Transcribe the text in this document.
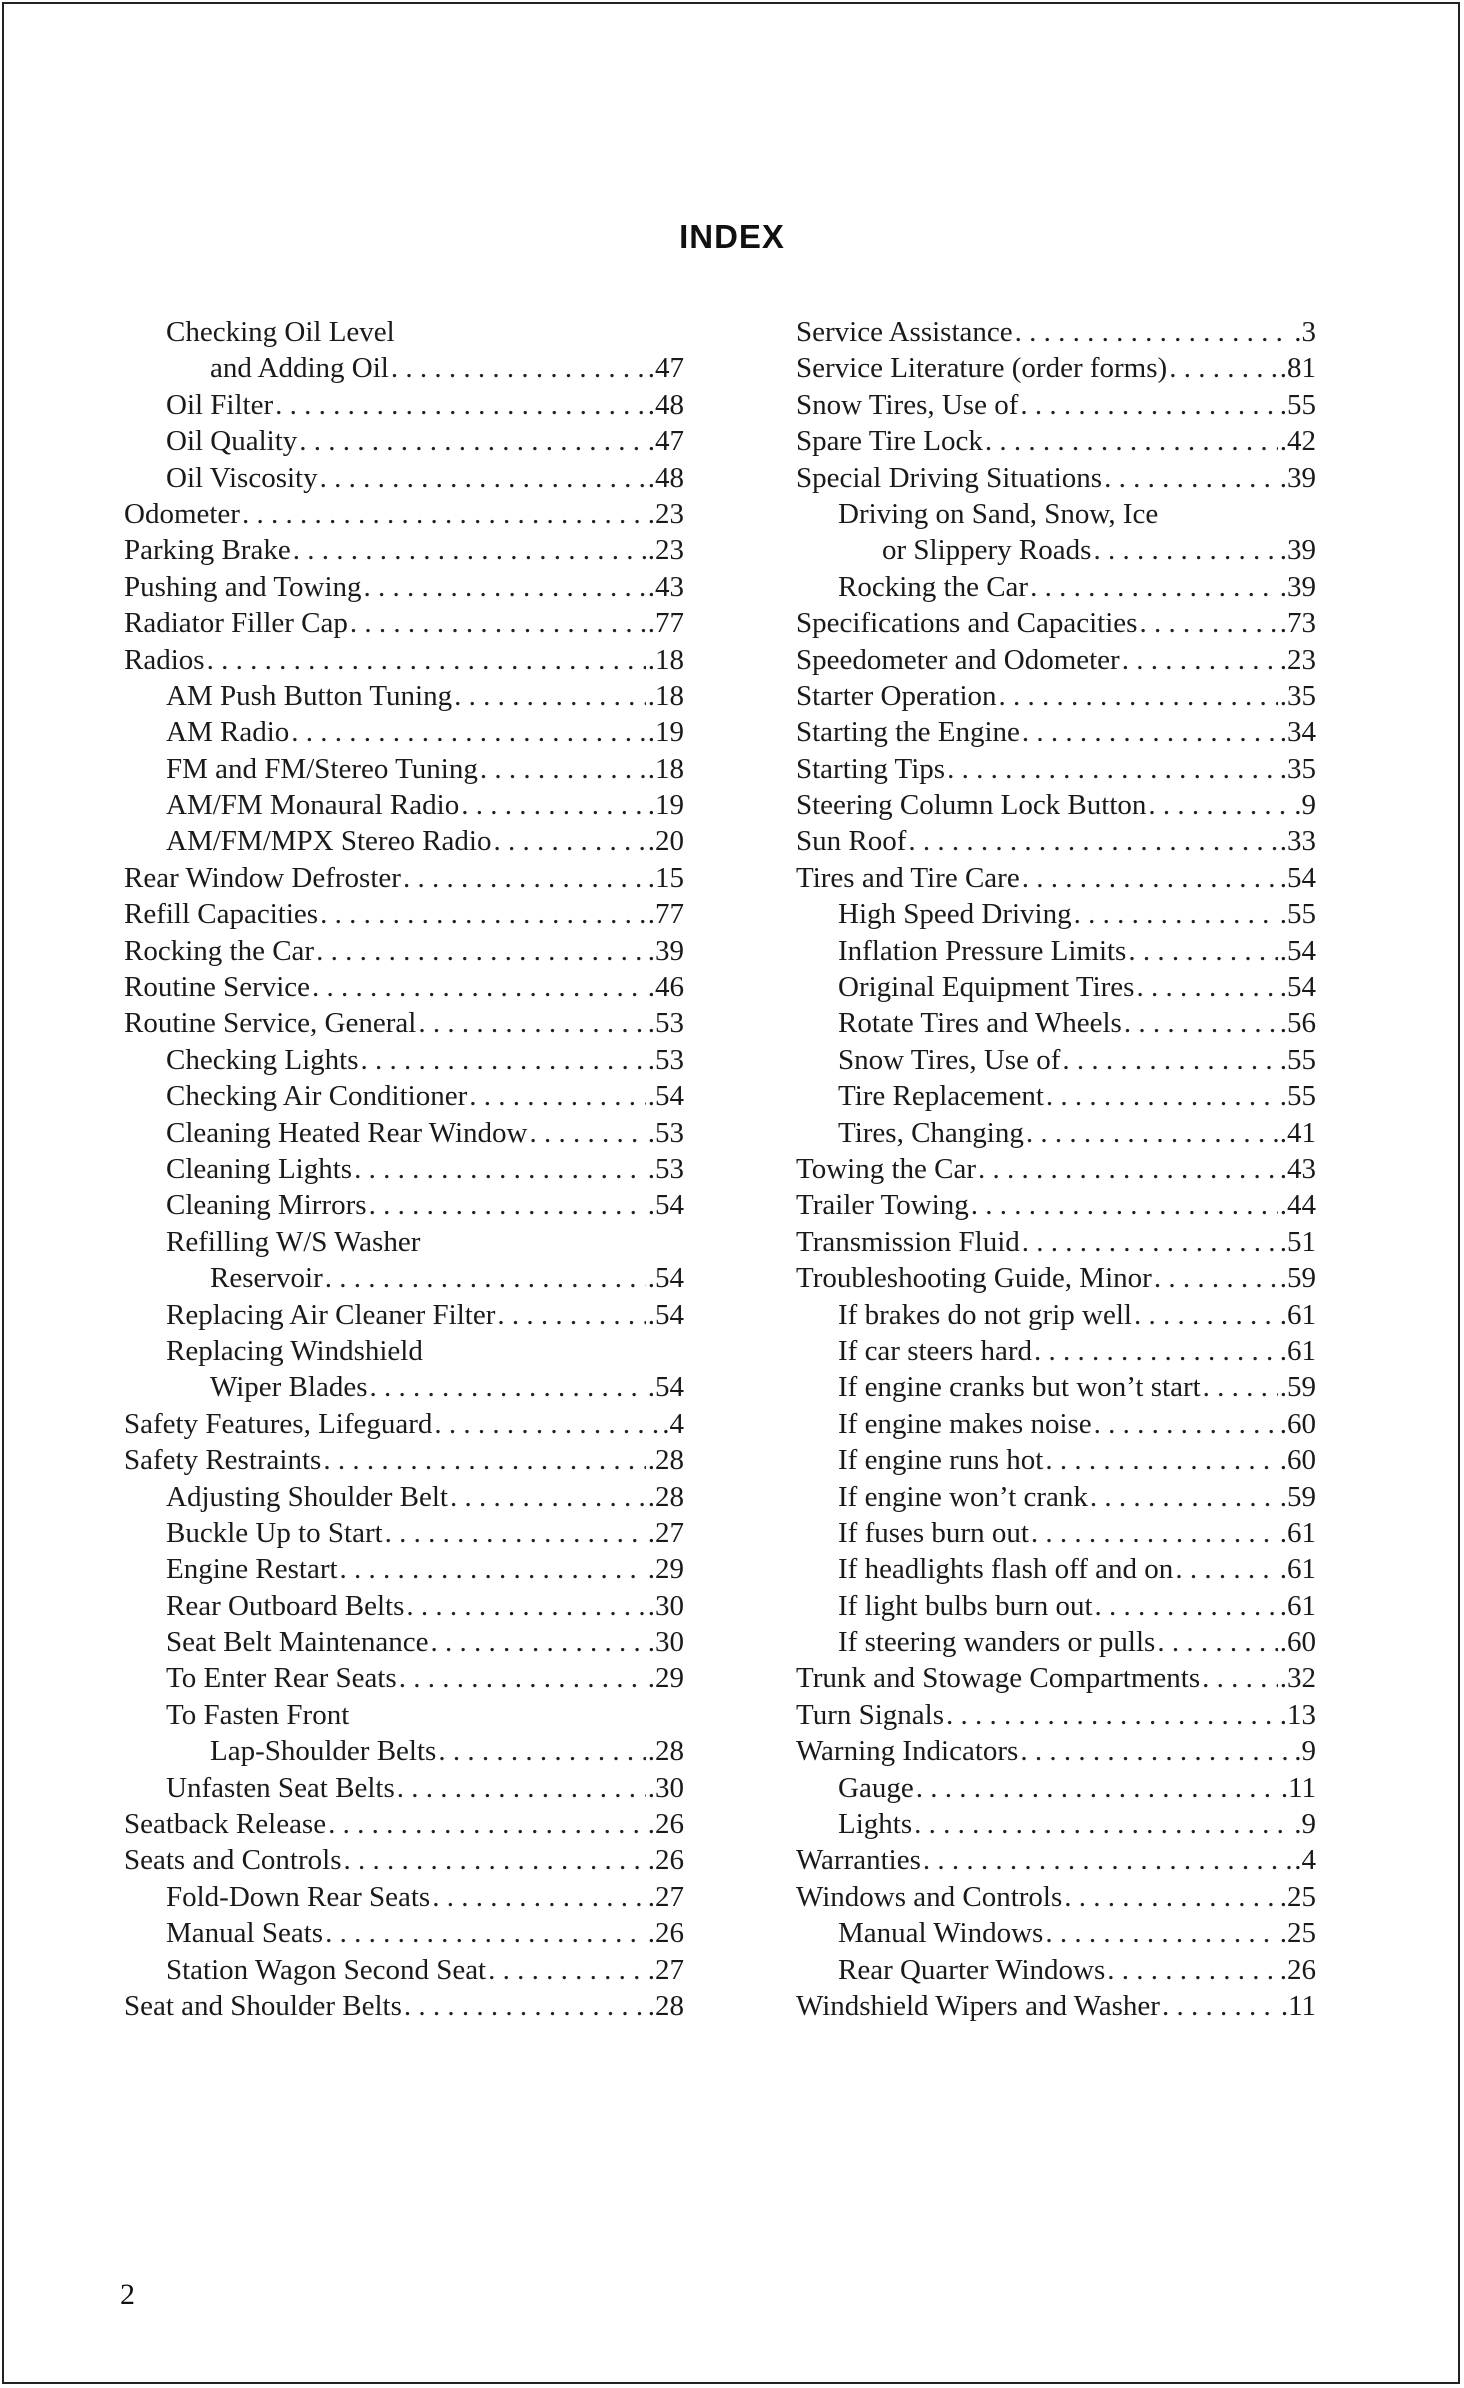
INDEX
Checking Oil Level
and Adding Oil . . .	.47
Oil Filter . . .	.48
Oil Quality . . .	.47
Oil Viscosity . . .	.48
Odometer . . .	.23
Parking Brake . . .	.23
Pushing and Towing . . .	.43
Radiator Filler Cap . . .	.77
Radios . . .	.18
AM Push Button Tuning . . .	.18
AM Radio . . .	.19
FM and FM/Stereo Tuning . . .	.18
AM/FM Monaural Radio . . .	.19
AM/FM/MPX Stereo Radio . . .	.20
Rear Window Defroster . . .	.15
Refill Capacities . . .	.77
Rocking the Car . . .	.39
Routine Service . . .	.46
Routine Service, General . . .	.53
Checking Lights . . .	.53
Checking Air Conditioner . . .	.54
Cleaning Heated Rear Window . . .	.53
Cleaning Lights . . .	.53
Cleaning Mirrors . . .	.54
Refilling W/S Washer
Reservoir . . .	.54
Replacing Air Cleaner Filter . . .	.54
Replacing Windshield
Wiper Blades . . .	.54
Safety Features, Lifeguard . . .	.4
Safety Restraints . . .	.28
Adjusting Shoulder Belt . . .	.28
Buckle Up to Start . . .	.27
Engine Restart . . .	.29
Rear Outboard Belts . . .	.30
Seat Belt Maintenance . . .	.30
To Enter Rear Seats . . .	.29
To Fasten Front
Lap-Shoulder Belts . . .	.28
Unfasten Seat Belts . . .	.30
Seatback Release . . .	.26
Seats and Controls . . .	.26
Fold-Down Rear Seats . . .	.27
Manual Seats . . .	.26
Station Wagon Second Seat . . .	.27
Seat and Shoulder Belts . . .	.28
Service Assistance . . .	.3
Service Literature (order forms) . . .	.81
Snow Tires, Use of . . .	.55
Spare Tire Lock . . .	.42
Special Driving Situations . . .	.39
Driving on Sand, Snow, Ice
or Slippery Roads . . .	.39
Rocking the Car . . .	.39
Specifications and Capacities . . .	.73
Speedometer and Odometer . . .	.23
Starter Operation . . .	.35
Starting the Engine . . .	.34
Starting Tips . . .	.35
Steering Column Lock Button . . .	.9
Sun Roof . . .	.33
Tires and Tire Care . . .	.54
High Speed Driving . . .	.55
Inflation Pressure Limits . . .	.54
Original Equipment Tires . . .	.54
Rotate Tires and Wheels . . .	.56
Snow Tires, Use of . . .	.55
Tire Replacement . . .	.55
Tires, Changing . . .	.41
Towing the Car . . .	.43
Trailer Towing . . .	.44
Transmission Fluid . . .	.51
Troubleshooting Guide, Minor . . .	.59
If brakes do not grip well . . .	.61
If car steers hard . . .	.61
If engine cranks but won’t start . . .	.59
If engine makes noise . . .	.60
If engine runs hot . . .	.60
If engine won’t crank . . .	.59
If fuses burn out . . .	.61
If headlights flash off and on . . .	.61
If light bulbs burn out . . .	.61
If steering wanders or pulls . . .	.60
Trunk and Stowage Compartments . . .	.32
Turn Signals . . .	.13
Warning Indicators . . .	.9
Gauge . . .	.11
Lights . . .	.9
Warranties . . .	.4
Windows and Controls . . .	.25
Manual Windows . . .	.25
Rear Quarter Windows . . .	.26
Windshield Wipers and Washer . . .	.11
2
